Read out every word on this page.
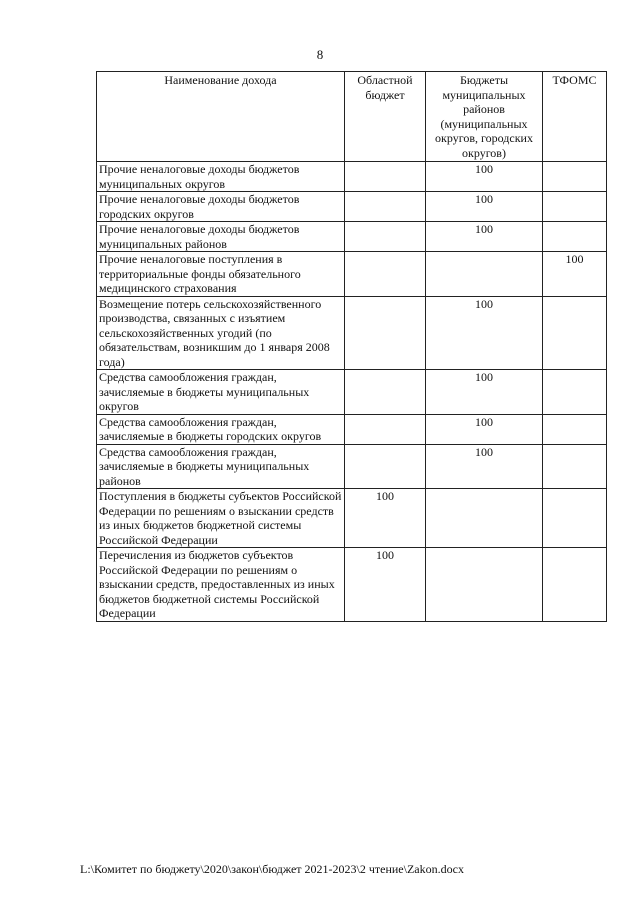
8
Наименование дохода	Областной бюджет	Бюджеты муниципальных районов (муниципальных округов, городских округов)	ТФОМС
Прочие неналоговые доходы бюджетов муниципальных округов		100	
Прочие неналоговые доходы бюджетов городских округов		100	
Прочие неналоговые доходы бюджетов муниципальных районов		100	
Прочие неналоговые поступления в территориальные фонды обязательного медицинского страхования			100
Возмещение потерь сельскохозяйственного производства, связанных с изъятием сельскохозяйственных угодий (по обязательствам, возникшим до 1 января 2008 года)		100	
Средства самообложения граждан, зачисляемые в бюджеты муниципальных округов		100	
Средства самообложения граждан, зачисляемые в бюджеты городских округов		100	
Средства самообложения граждан, зачисляемые в бюджеты муниципальных районов		100	
Поступления в бюджеты субъектов Российской Федерации по решениям о взыскании средств из иных бюджетов бюджетной системы Российской Федерации	100		
Перечисления из бюджетов субъектов Российской Федерации по решениям о взыскании средств, предоставленных из иных бюджетов бюджетной системы Российской Федерации	100		
L:\Комитет по бюджету\2020\закон\бюджет 2021-2023\2 чтение\Zakon.docx
